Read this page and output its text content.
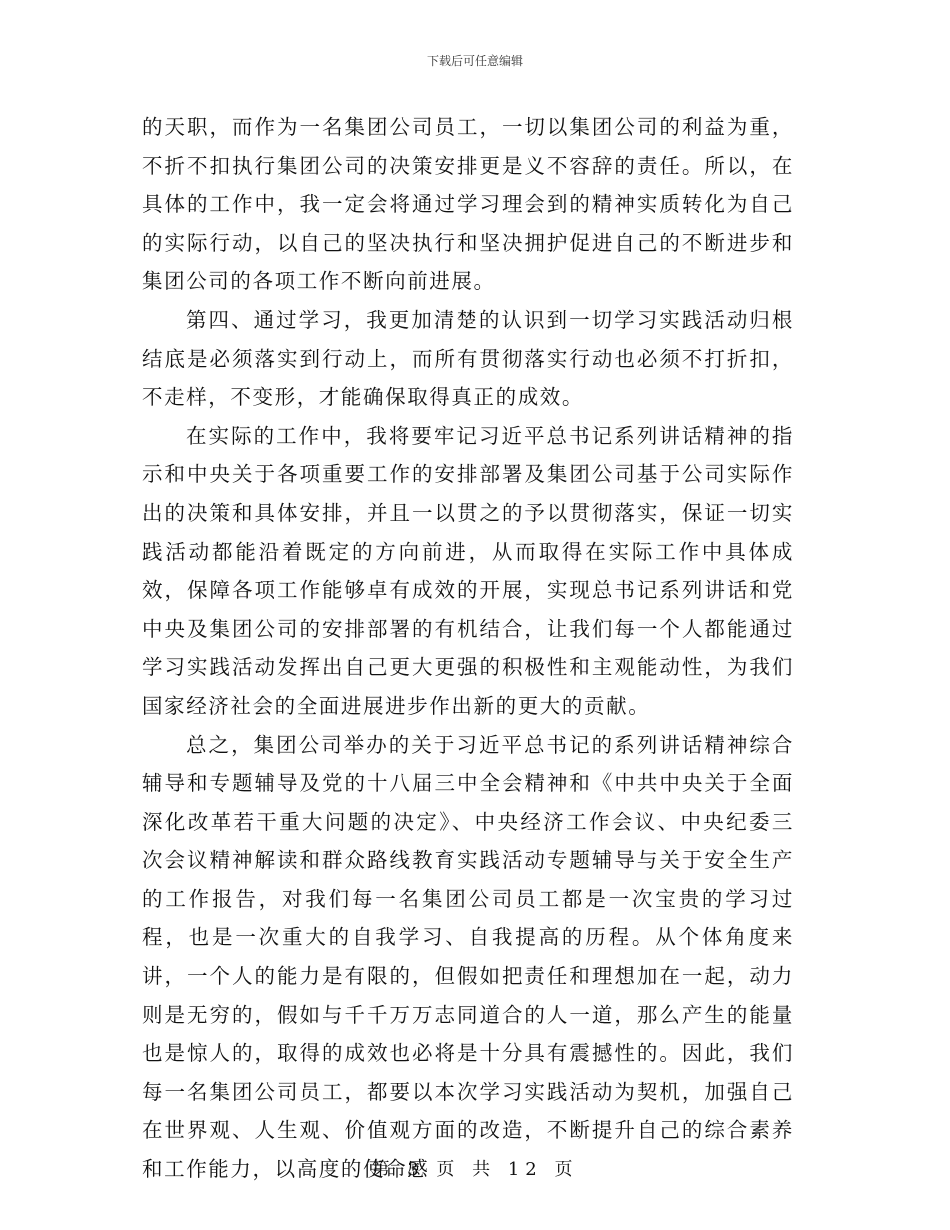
下载后可任意编辑

的天职，而作为一名集团公司员工，一切以集团公司的利益为重，不折不扣执行集团公司的决策安排更是义不容辞的责任。所以，在具体的工作中，我一定会将通过学习理会到的精神实质转化为自己的实际行动，以自己的坚决执行和坚决拥护促进自己的不断进步和集团公司的各项工作不断向前进展。

第四、通过学习，我更加清楚的认识到一切学习实践活动归根结底是必须落实到行动上，而所有贯彻落实行动也必须不打折扣，不走样，不变形，才能确保取得真正的成效。

在实际的工作中，我将要牢记习近平总书记系列讲话精神的指示和中央关于各项重要工作的安排部署及集团公司基于公司实际作出的决策和具体安排，并且一以贯之的予以贯彻落实，保证一切实践活动都能沿着既定的方向前进，从而取得在实际工作中具体成效，保障各项工作能够卓有成效的开展，实现总书记系列讲话和党中央及集团公司的安排部署的有机结合，让我们每一个人都能通过学习实践活动发挥出自己更大更强的积极性和主观能动性，为我们国家经济社会的全面进展进步作出新的更大的贡献。

总之，集团公司举办的关于习近平总书记的系列讲话精神综合辅导和专题辅导及党的十八届三中全会精神和《中共中央关于全面深化改革若干重大问题的决定》、中央经济工作会议、中央纪委三次会议精神解读和群众路线教育实践活动专题辅导与关于安全生产的工作报告，对我们每一名集团公司员工都是一次宝贵的学习过程，也是一次重大的自我学习、自我提高的历程。从个体角度来讲，一个人的能力是有限的，但假如把责任和理想加在一起，动力则是无穷的，假如与千千万万志同道合的人一道，那么产生的能量也是惊人的，取得的成效也必将是十分具有震撼性的。因此，我们每一名集团公司员工，都要以本次学习实践活动为契机，加强自己在世界观、人生观、价值观方面的改造，不断提升自己的综合素养和工作能力，以高度的使命感

第 3 页 共 12 页
